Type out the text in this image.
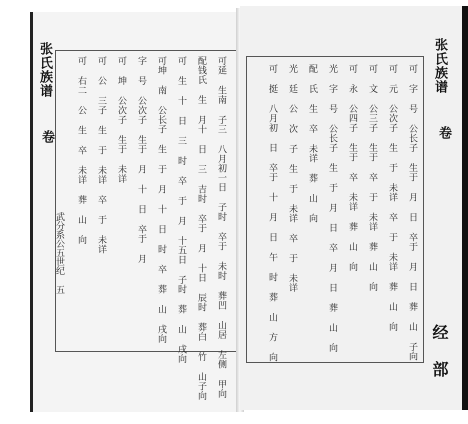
张氏族谱
卷	可延 生南 子三 八月初一日 子时 卒于 未时 葬凹 山居 左侧 甲向
配钱氏 生 月十 日 三 吉时 卒于 月 十日 辰时 葬白 竹 山子向
可 生 十 日 三 时 卒 于 月 十五日 子时 葬 山 戌向
可坤 南 公长子 生 于 月 十 日 时 卒 葬 山 戌向
字 号 公次子 生于 月 十 日 卒于 月
可 坤 公次子 生于 未详
可 公 三子 生 于 未详 卒 于 未详
可 右二 公 生 卒 未详 葬 山 向
武分系公五世纪 五
张氏族谱
卷
经 部
可 字 号 公长子 生于 月 日 卒于 月 日 葬 山 子向
可 元 公次子 生 于 未详 卒 于 未详 葬 山 向
可 文 公三子 生于 卒 于 未详 葬 山 向
可 永 公四子 生于 卒 未详 葬 山 向
光 字 号 公长子 生 于 月 日 卒 月 日 葬 山 向
配 氏 生 卒 未详 葬 山 向
光 廷 公 次 子 生 于 未详 卒 于 未详
可 挺 八月初 日 卒于 十 月 日 午 时 葬 山 方 向
